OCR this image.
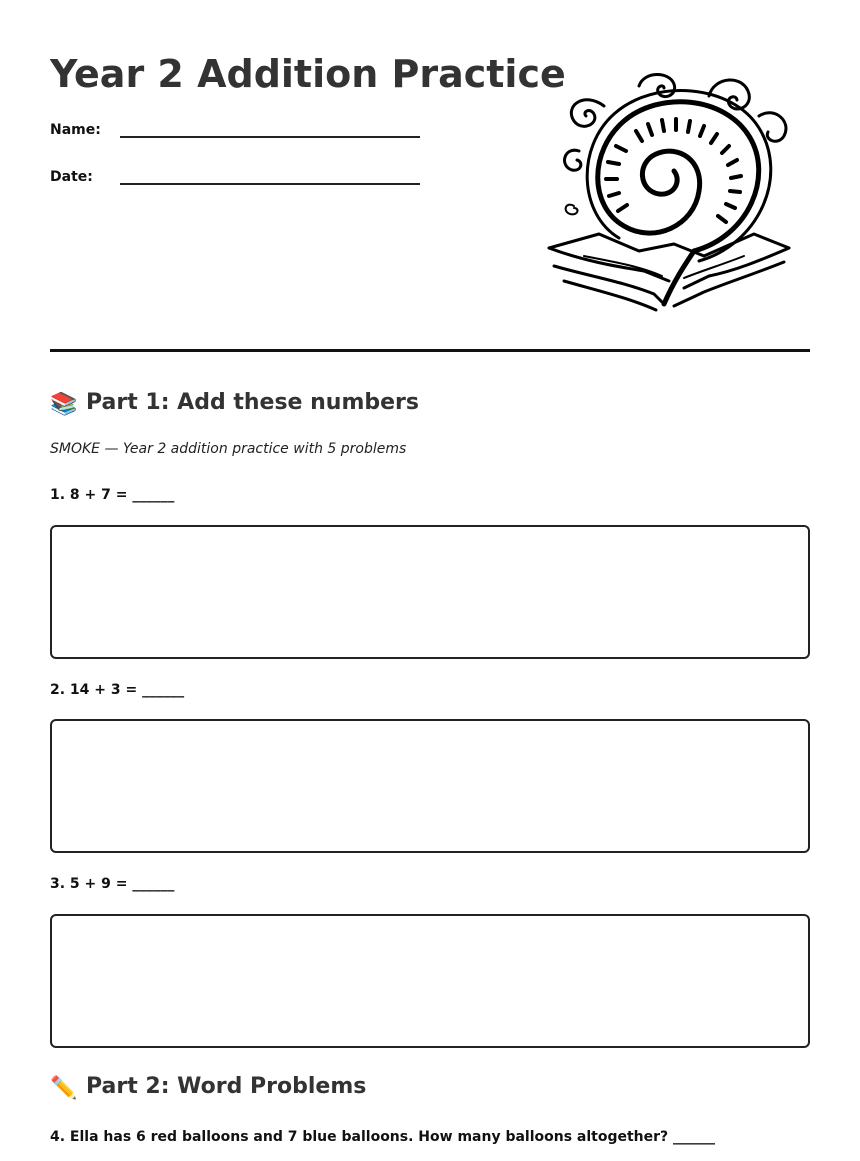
Year 2 Addition Practice
Name:
Date:
📚 Part 1: Add these numbers
SMOKE — Year 2 addition practice with 5 problems
1. 8 + 7 = ______
2. 14 + 3 = ______
3. 5 + 9 = ______
✏️ Part 2: Word Problems
4. Ella has 6 red balloons and 7 blue balloons. How many balloons altogether? ______
